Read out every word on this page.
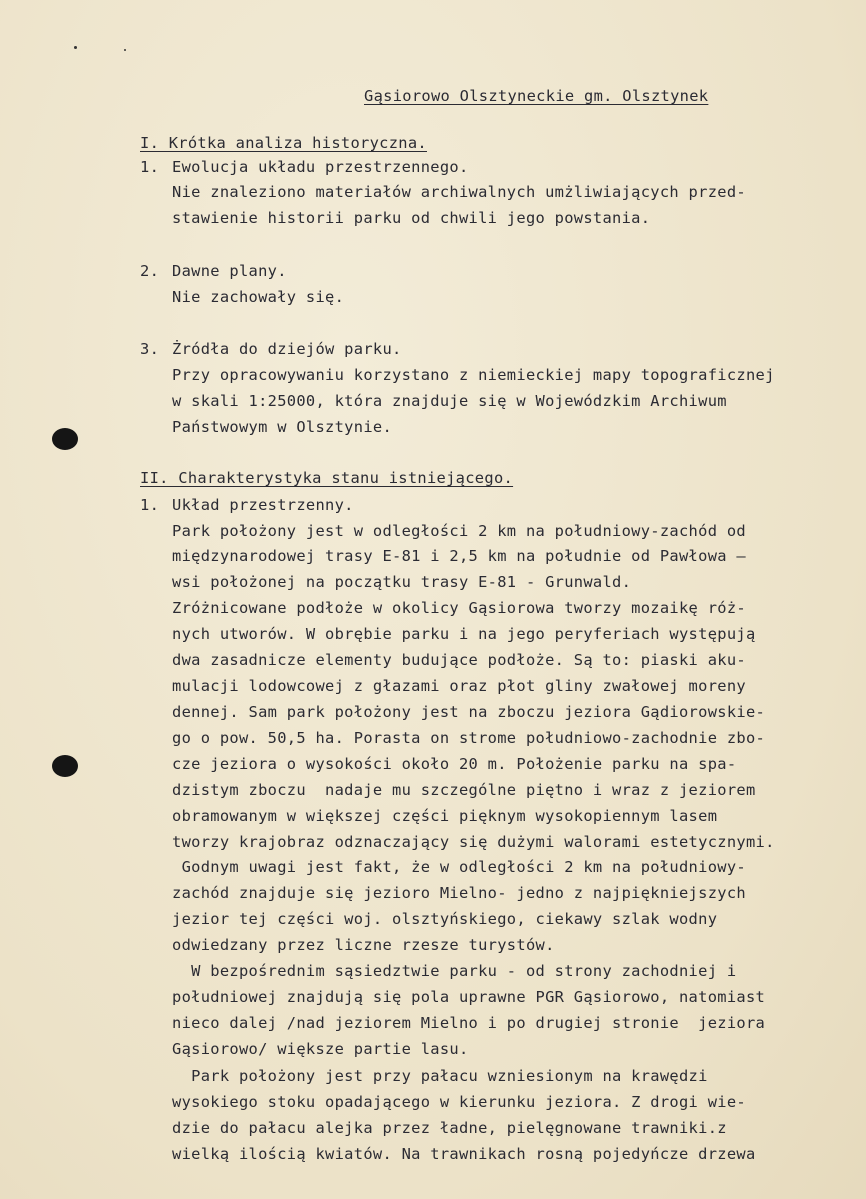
Gąsiorowo Olsztyneckie gm. Olsztynek
I. Krótka analiza historyczna.
1. Ewolucja układu przestrzennego.
Nie znaleziono materiałów archiwalnych umżliwiających przed-
stawienie historii parku od chwili jego powstania.
2. Dawne plany.
Nie zachowały się.
3. Żródła do dziejów parku.
Przy opracowywaniu korzystano z niemieckiej mapy topograficznej
w skali 1:25000, która znajduje się w Wojewódzkim Archiwum
Państwowym w Olsztynie.
II. Charakterystyka stanu istniejącego.
1. Układ przestrzenny.
Park położony jest w odległości 2 km na południowy-zachód od
międzynarodowej trasy E-81 i 2,5 km na południe od Pawłowa —
wsi położonej na początku trasy E-81 - Grunwald.
Zróżnicowane podłoże w okolicy Gąsiorowa tworzy mozaikę róż-
nych utworów. W obrębie parku i na jego peryferiach występują
dwa zasadnicze elementy budujące podłoże. Są to: piaski aku-
mulacji lodowcowej z głazami oraz płot gliny zwałowej moreny
dennej. Sam park położony jest na zboczu jeziora Gądiorowskie-
go o pow. 50,5 ha. Porasta on strome południowo-zachodnie zbo-
cze jeziora o wysokości około 20 m. Położenie parku na spa-
dzistym zboczu  nadaje mu szczególne piętno i wraz z jeziorem
obramowanym w większej części pięknym wysokopiennym lasem
tworzy krajobraz odznaczający się dużymi walorami estetycznymi.
Godnym uwagi jest fakt, że w odległości 2 km na południowy-
zachód znajduje się jezioro Mielno- jedno z najpiękniejszych
jezior tej części woj. olsztyńskiego, ciekawy szlak wodny
odwiedzany przez liczne rzesze turystów.
W bezpośrednim sąsiedztwie parku - od strony zachodniej i
południowej znajdują się pola uprawne PGR Gąsiorowo, natomiast
nieco dalej /nad jeziorem Mielno i po drugiej stronie  jeziora
Gąsiorowo/ większe partie lasu.
Park położony jest przy pałacu wzniesionym na krawędzi
wysokiego stoku opadającego w kierunku jeziora. Z drogi wie-
dzie do pałacu alejka przez ładne, pielęgnowane trawniki.z
wielką ilością kwiatów. Na trawnikach rosną pojedyńcze drzewa
